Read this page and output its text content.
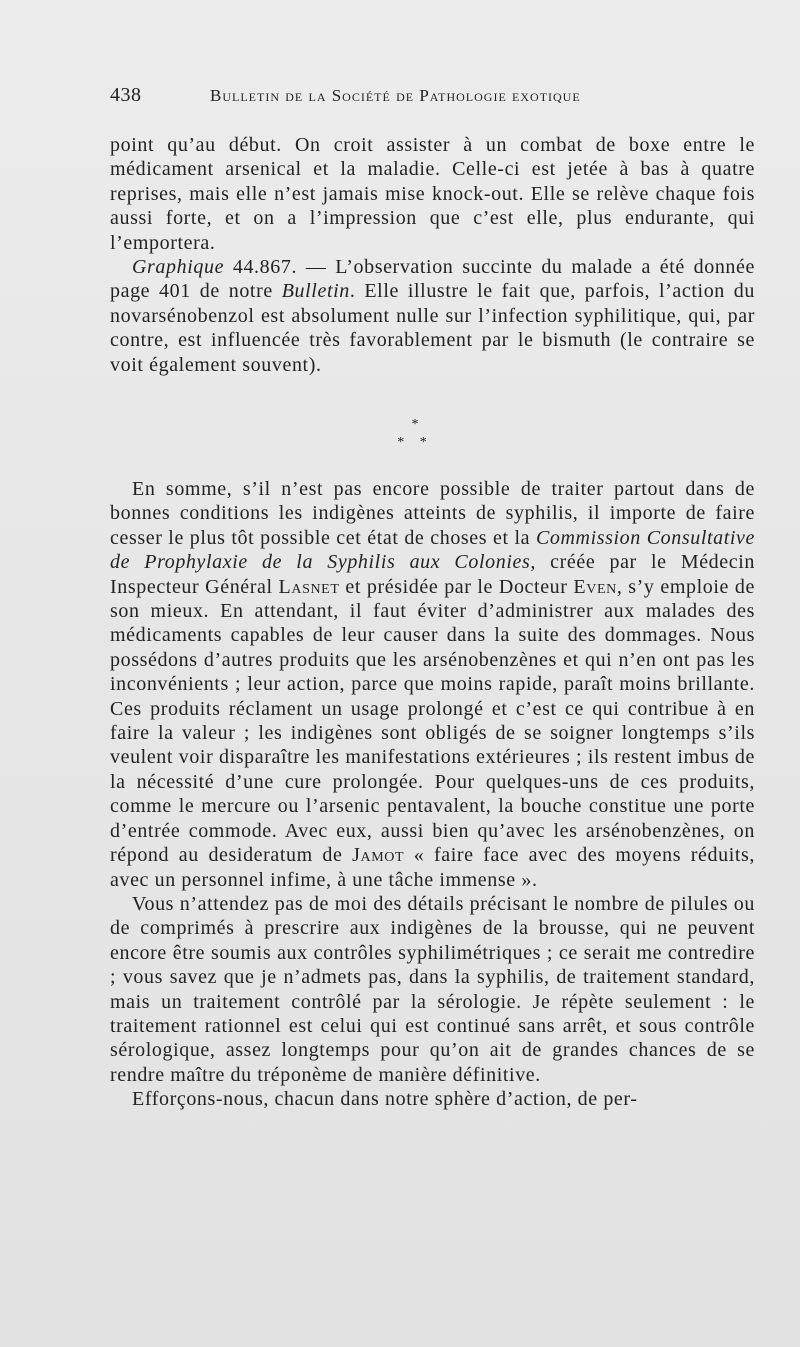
438	Bulletin de la Société de Pathologie exotique

point qu’au début. On croit assister à un combat de boxe entre le médicament arsenical et la maladie. Celle-ci est jetée à bas à quatre reprises, mais elle n’est jamais mise knock-out. Elle se relève chaque fois aussi forte, et on a l’impression que c’est elle, plus endurante, qui l’emportera.

Graphique 44.867. — L’observation succinte du malade a été donnée page 401 de notre Bulletin. Elle illustre le fait que, parfois, l’action du novarsénobenzol est absolument nulle sur l’infection syphilitique, qui, par contre, est influencée très favorablement par le bismuth (le contraire se voit également souvent).

*
* *

En somme, s’il n’est pas encore possible de traiter partout dans de bonnes conditions les indigènes atteints de syphilis, il importe de faire cesser le plus tôt possible cet état de choses et la Commission Consultative de Prophylaxie de la Syphilis aux Colonies, créée par le Médecin Inspecteur Général Lasnet et présidée par le Docteur Even, s’y emploie de son mieux. En attendant, il faut éviter d’administrer aux malades des médicaments capables de leur causer dans la suite des dommages. Nous possédons d’autres produits que les arsénobenzènes et qui n’en ont pas les inconvénients ; leur action, parce que moins rapide, paraît moins brillante. Ces produits réclament un usage prolongé et c’est ce qui contribue à en faire la valeur ; les indigènes sont obligés de se soigner longtemps s’ils veulent voir disparaître les manifestations extérieures ; ils restent imbus de la nécessité d’une cure prolongée. Pour quelques-uns de ces produits, comme le mercure ou l’arsenic pentavalent, la bouche constitue une porte d’entrée commode. Avec eux, aussi bien qu’avec les arsénobenzènes, on répond au desideratum de Jamot « faire face avec des moyens réduits, avec un personnel infime, à une tâche immense ».

Vous n’attendez pas de moi des détails précisant le nombre de pilules ou de comprimés à prescrire aux indigènes de la brousse, qui ne peuvent encore être soumis aux contrôles syphilimétriques ; ce serait me contredire ; vous savez que je n’admets pas, dans la syphilis, de traitement standard, mais un traitement contrôlé par la sérologie. Je répète seulement : le traitement rationnel est celui qui est continué sans arrêt, et sous contrôle sérologique, assez longtemps pour qu’on ait de grandes chances de se rendre maître du tréponème de manière définitive.

Efforçons-nous, chacun dans notre sphère d’action, de per-
